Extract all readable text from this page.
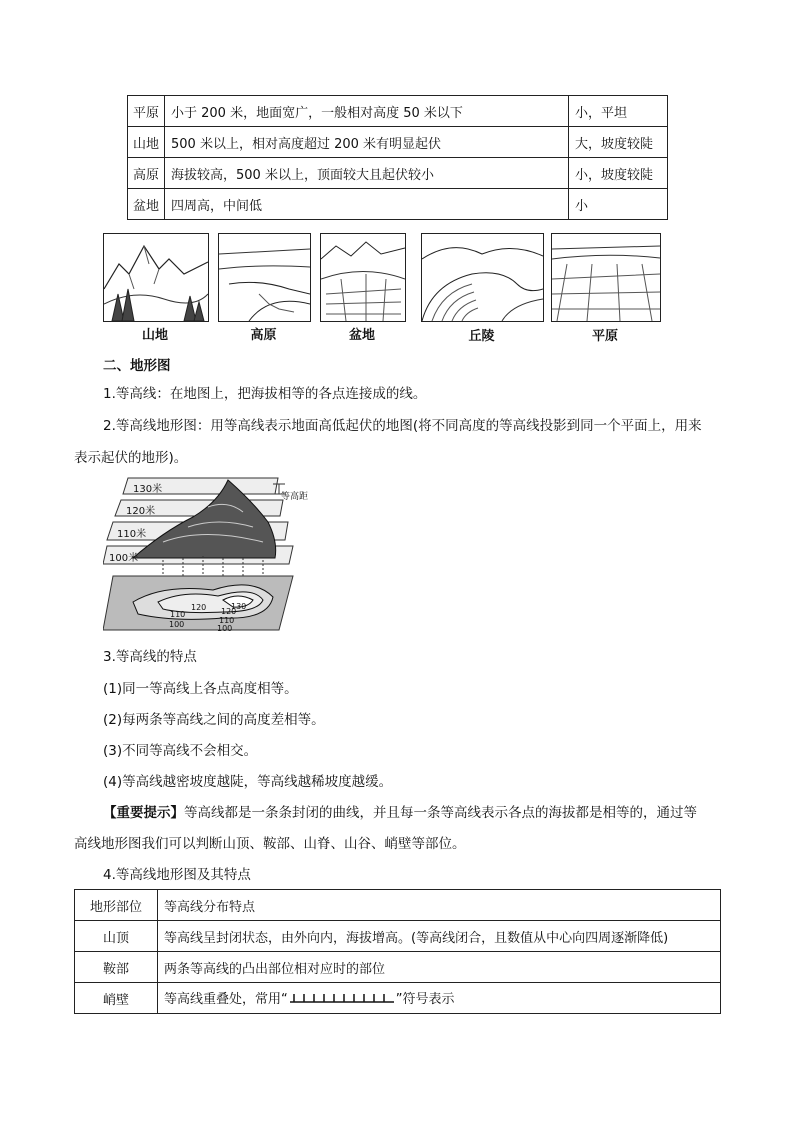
平原	小于 200 米，地面宽广，一般相对高度 50 米以下	小，平坦
山地	500 米以上，相对高度超过 200 米有明显起伏	大，坡度较陡
高原	海拔较高，500 米以上，顶面较大且起伏较小	小，坡度较陡
盆地	四周高，中间低	小
山地	高原	盆地	丘陵	平原
二、地形图
1.等高线：在地图上，把海拔相等的各点连接成的线。
2.等高线地形图：用等高线表示地面高低起伏的地图(将不同高度的等高线投影到同一个平面上，用来
表示起伏的地形)。
130米
120米
110米
100米
等高距
110
100
120	130
120
110
100
3.等高线的特点
(1)同一等高线上各点高度相等。
(2)每两条等高线之间的高度差相等。
(3)不同等高线不会相交。
(4)等高线越密坡度越陡，等高线越稀坡度越缓。
【重要提示】等高线都是一条条封闭的曲线，并且每一条等高线表示各点的海拔都是相等的，通过等
高线地形图我们可以判断山顶、鞍部、山脊、山谷、峭壁等部位。
4.等高线地形图及其特点
地形部位	等高线分布特点
山顶	等高线呈封闭状态，由外向内，海拔增高。(等高线闭合，且数值从中心向四周逐渐降低)
鞍部	两条等高线的凸出部位相对应时的部位
峭壁	等高线重叠处，常用“ ”符号表示
